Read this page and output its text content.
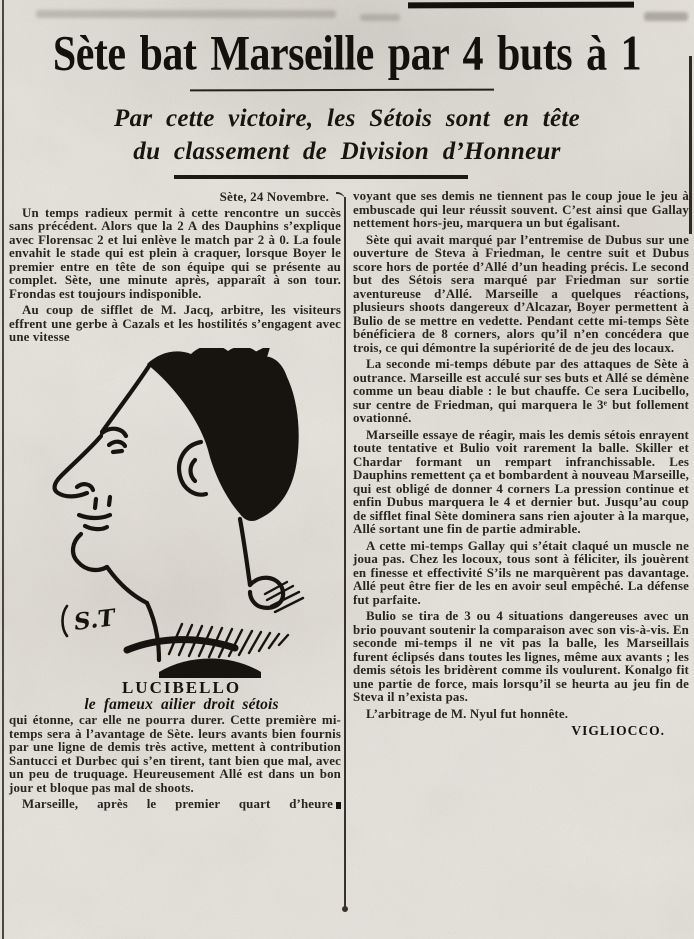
Sète bat Marseille par 4 buts à 1
Par cette victoire, les Sétois sont en tête
du classement de Division d’Honneur

Sète, 24 Novembre.

Un temps radieux permit à cette rencontre un succès sans précédent. Alors que la 2 A des Dauphins s’explique avec Florensac 2 et lui enlève le match par 2 à 0. La foule envahit le stade qui est plein à craquer, lorsque Boyer le premier entre en tête de son équipe qui se présente au complet. Sète, une minute après, apparaît à son tour. Frondas est toujours indisponible.

Au coup de sifflet de M. Jacq, arbitre, les visiteurs effrent une gerbe à Cazals et les hostilités s’engagent avec une vitesse

S.T

LUCIBELLO

le fameux ailier droit sétois

qui étonne, car elle ne pourra durer. Cette première mi-temps sera à l’avantage de Sète. leurs avants bien fournis par une ligne de demis très active, mettent à contribution Santucci et Durbec qui s’en tirent, tant bien que mal, avec un peu de truquage. Heureusement Allé est dans un bon jour et bloque pas mal de shoots.

Marseille, après le premier quart d’heure

voyant que ses demis ne tiennent pas le coup joue le jeu à embuscade qui leur réussit souvent. C’est ainsi que Gallay nettement hors-jeu, marquera un but égalisant.

Sète qui avait marqué par l’entremise de Dubus sur une ouverture de Steva à Friedman, le centre suit et Dubus score hors de portée d’Allé d’un heading précis. Le second but des Sétois sera marqué par Friedman sur sortie aventureuse d’Allé. Marseille a quelques réactions, plusieurs shoots dangereux d’Alcazar, Boyer permettent à Bulio de se mettre en vedette. Pendant cette mi-temps Sète bénéficiera de 8 corners, alors qu’il n’en concédera que trois, ce qui démontre la supériorité de de jeu des locaux.

La seconde mi-temps débute par des attaques de Sète à outrance. Marseille est acculé sur ses buts et Allé se démène comme un beau diable : le but chauffe. Ce sera Lucibello, sur centre de Friedman, qui marquera le 3ᵉ but follement ovationné.

Marseille essaye de réagir, mais les demis sétois enrayent toute tentative et Bulio voit rarement la balle. Skiller et Chardar formant un rempart infranchissable. Les Dauphins remettent ça et bombardent à nouveau Marseille, qui est obligé de donner 4 corners La pression continue et enfin Dubus marquera le 4 et dernier but. Jusqu’au coup de sifflet final Sète dominera sans rien ajouter à la marque, Allé sortant une fin de partie admirable.

A cette mi-temps Gallay qui s’était claqué un muscle ne joua pas. Chez les locoux, tous sont à féliciter, ils jouèrent en finesse et effectivité S’ils ne marquèrent pas davantage. Allé peut être fier de les en avoir seul empêché. La défense fut parfaite.

Bulio se tira de 3 ou 4 situations dangereuses avec un brio pouvant soutenir la comparaison avec son vis-à-vis. En seconde mi-temps il ne vit pas la balle, les Marseillais furent éclipsés dans toutes les lignes, même aux avants ; les demis sétois les bridèrent comme ils voulurent. Konalgo fit une partie de force, mais lorsqu’il se heurta au jeu fin de Steva il n’exista pas.

L’arbitrage de M. Nyul fut honnête.

VIGLIOCCO.
